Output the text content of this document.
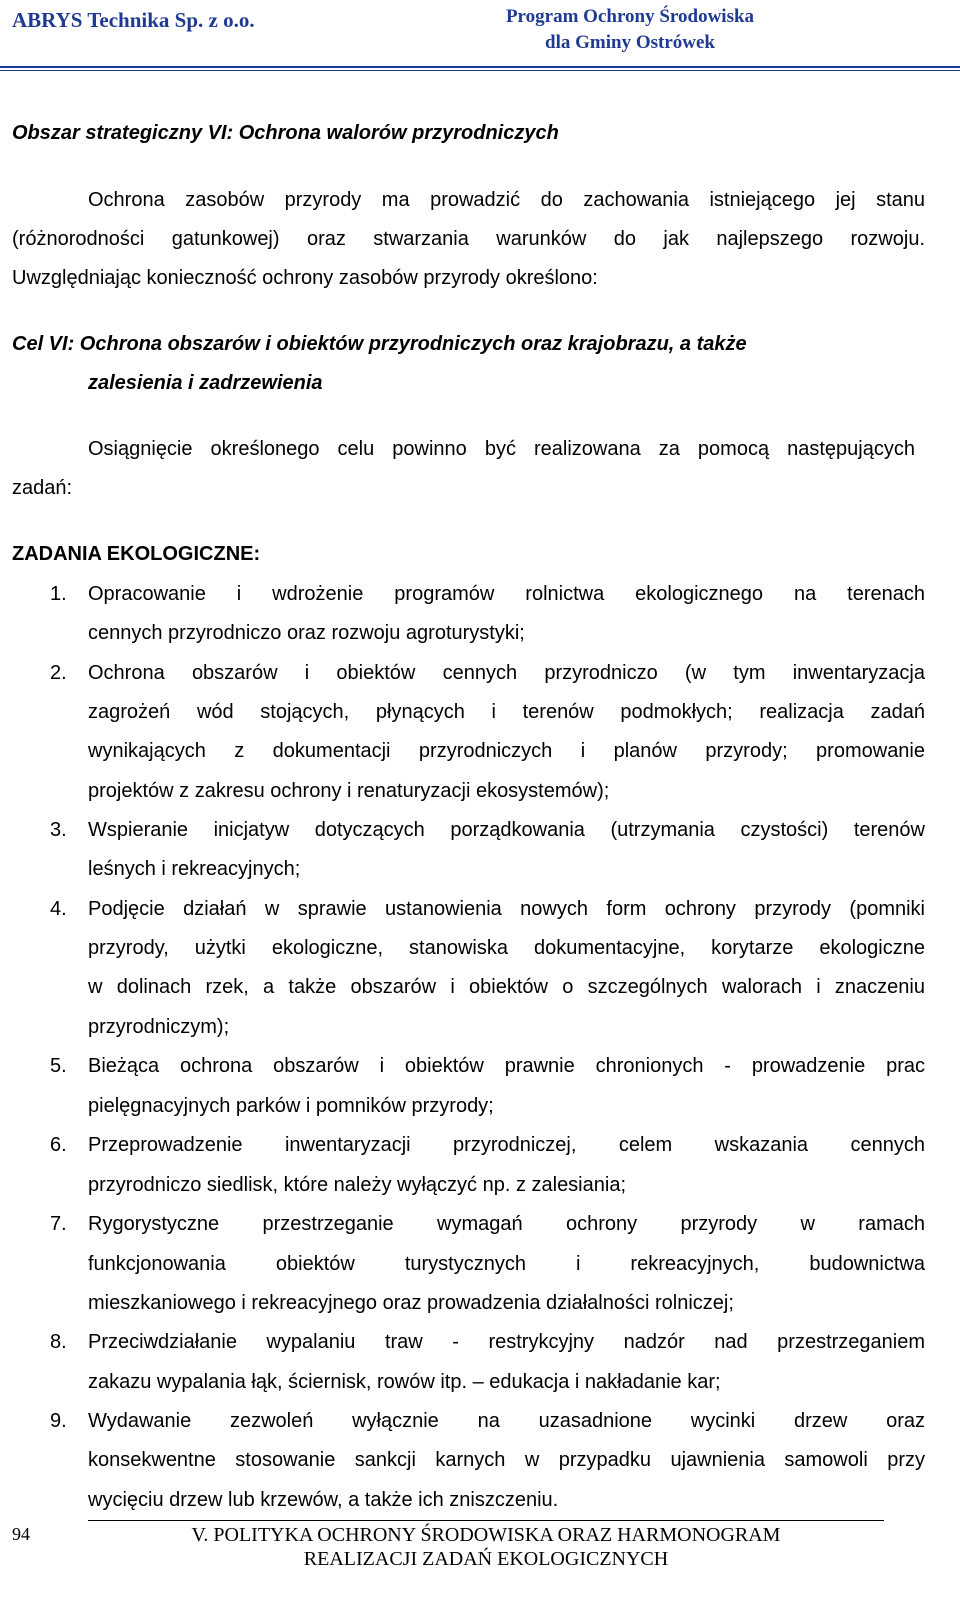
ABRYS Technika Sp. z o.o.	Program Ochrony Środowiska
dla Gminy Ostrówek
Obszar strategiczny VI: Ochrona walorów przyrodniczych
Ochrona zasobów przyrody ma prowadzić do zachowania istniejącego jej stanu
(różnorodności gatunkowej) oraz stwarzania warunków do jak najlepszego rozwoju.
Uwzględniając konieczność ochrony zasobów przyrody określono:
Cel VI: Ochrona obszarów i obiektów przyrodniczych oraz krajobrazu, a także
zalesienia i zadrzewienia
Osiągnięcie określonego celu powinno być realizowana za pomocą następujących
zadań:
ZADANIA EKOLOGICZNE:
1. Opracowanie i wdrożenie programów rolnictwa ekologicznego na terenach
cennych przyrodniczo oraz rozwoju agroturystyki;
2. Ochrona obszarów i obiektów cennych przyrodniczo (w tym inwentaryzacja
zagrożeń wód stojących, płynących i terenów podmokłych; realizacja zadań
wynikających z dokumentacji przyrodniczych i planów przyrody; promowanie
projektów z zakresu ochrony i renaturyzacji ekosystemów);
3. Wspieranie inicjatyw dotyczących porządkowania (utrzymania czystości) terenów
leśnych i rekreacyjnych;
4. Podjęcie działań w sprawie ustanowienia nowych form ochrony przyrody (pomniki
przyrody, użytki ekologiczne, stanowiska dokumentacyjne, korytarze ekologiczne
w dolinach rzek, a także obszarów i obiektów o szczególnych walorach i znaczeniu
przyrodniczym);
5. Bieżąca ochrona obszarów i obiektów prawnie chronionych - prowadzenie prac
pielęgnacyjnych parków i pomników przyrody;
6. Przeprowadzenie inwentaryzacji przyrodniczej, celem wskazania cennych
przyrodniczo siedlisk, które należy wyłączyć np. z zalesiania;
7. Rygorystyczne przestrzeganie wymagań ochrony przyrody w ramach
funkcjonowania obiektów turystycznych i rekreacyjnych, budownictwa
mieszkaniowego i rekreacyjnego oraz prowadzenia działalności rolniczej;
8. Przeciwdziałanie wypalaniu traw - restrykcyjny nadzór nad przestrzeganiem
zakazu wypalania łąk, ściernisk, rowów itp. – edukacja i nakładanie kar;
9. Wydawanie zezwoleń wyłącznie na uzasadnione wycinki drzew oraz
konsekwentne stosowanie sankcji karnych w przypadku ujawnienia samowoli przy
wycięciu drzew lub krzewów, a także ich zniszczeniu.
94	V. POLITYKA OCHRONY ŚRODOWISKA ORAZ HARMONOGRAM
REALIZACJI ZADAŃ EKOLOGICZNYCH
